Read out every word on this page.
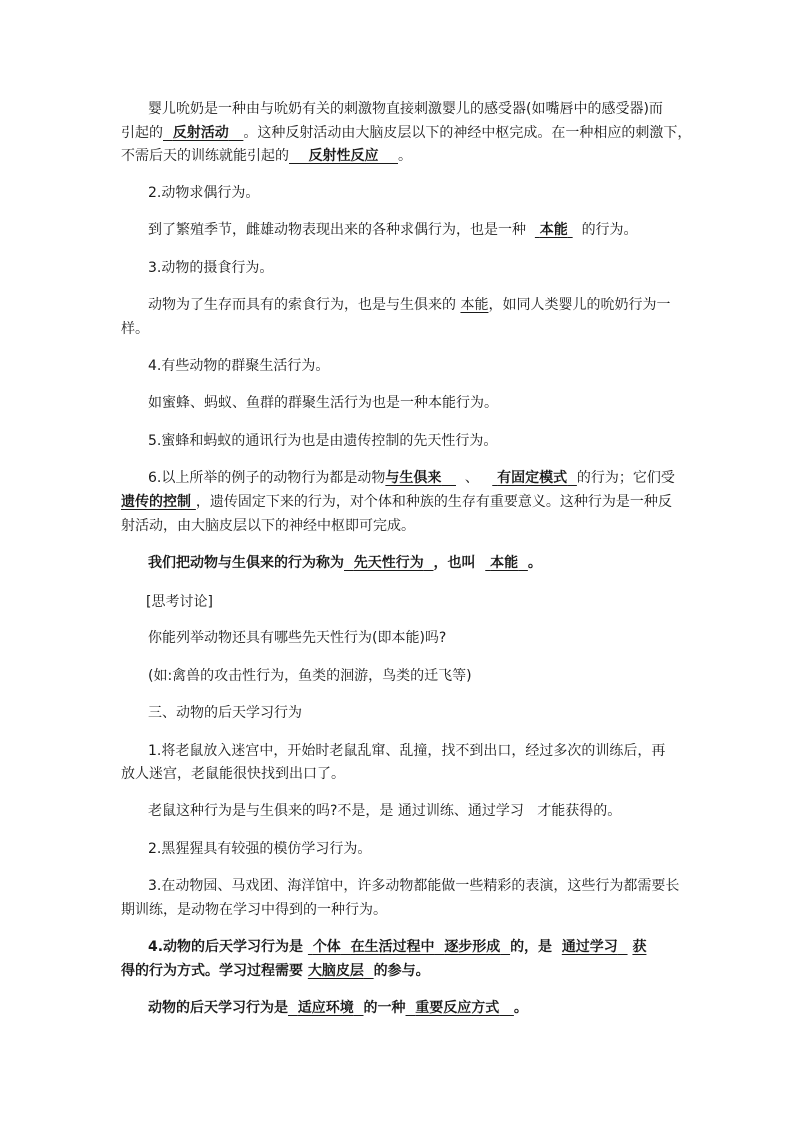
婴儿吮奶是一种由与吮奶有关的刺激物直接刺激婴儿的感受器(如嘴唇中的感受器)而
引起的 反射活动 。这种反射活动由大脑皮层以下的神经中枢完成。在一种相应的刺激下，
不需后天的训练就能引起的 反射性反应 。
2.动物求偶行为。
到了繁殖季节，雌雄动物表现出来的各种求偶行为，也是一种 本能 的行为。
3.动物的摄食行为。
动物为了生存而具有的索食行为，也是与生俱来的 本能，如同人类婴儿的吮奶行为一
样。
4.有些动物的群聚生活行为。
如蜜蜂、蚂蚁、鱼群的群聚生活行为也是一种本能行为。
5.蜜蜂和蚂蚁的通讯行为也是由遗传控制的先天性行为。
6.以上所举的例子的动物行为都是动物与生俱来 、 有固定模式 的行为；它们受
遗传的控制 ，遗传固定下来的行为，对个体和种族的生存有重要意义。这种行为是一种反
射活动，由大脑皮层以下的神经中枢即可完成。
我们把动物与生俱来的行为称为 先天性行为 ，也叫 本能 。
[思考讨论]
你能列举动物还具有哪些先天性行为(即本能)吗?
(如:禽兽的攻击性行为，鱼类的洄游，鸟类的迁飞等)
三、动物的后天学习行为
1.将老鼠放入迷宫中，开始时老鼠乱窜、乱撞，找不到出口，经过多次的训练后，再
放人迷宫，老鼠能很快找到出口了。
老鼠这种行为是与生俱来的吗?不是，是 通过训练、通过学习 才能获得的。
2.黑猩猩具有较强的模仿学习行为。
3.在动物园、马戏团、海洋馆中，许多动物都能做一些精彩的表演，这些行为都需要长
期训练，是动物在学习中得到的一种行为。
4.动物的后天学习行为是 个体 在生活过程中 逐步形成 的，是 通过学习 获
得的行为方式。学习过程需要 大脑皮层 的参与。
动物的后天学习行为是 适应环境 的一种 重要反应方式 。
